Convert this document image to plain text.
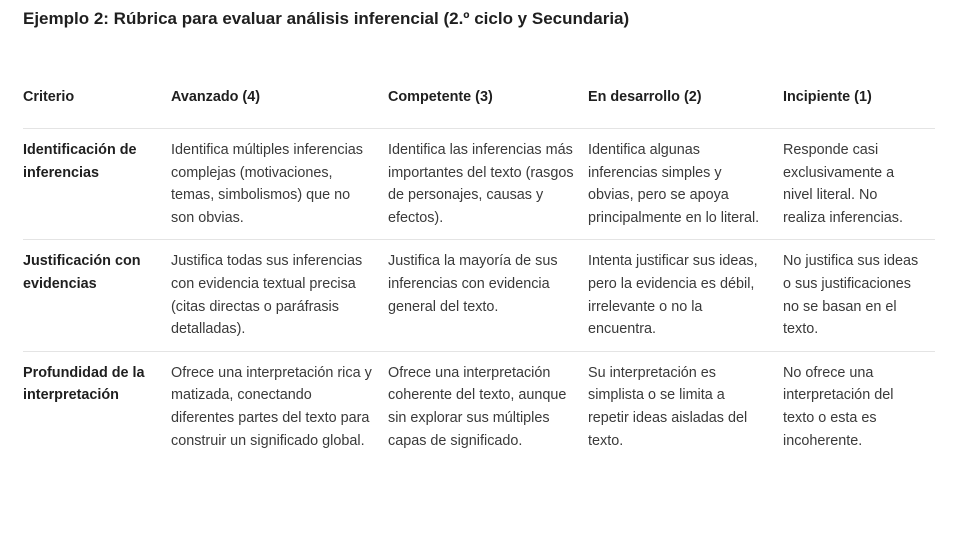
Ejemplo 2: Rúbrica para evaluar análisis inferencial (2.º ciclo y Secundaria)
Criterio	Avanzado (4)	Competente (3)	En desarrollo (2)	Incipiente (1)
Identificación de inferencias	Identifica múltiples inferencias complejas (motivaciones, temas, simbolismos) que no son obvias.	Identifica las inferencias más importantes del texto (rasgos de personajes, causas y efectos).	Identifica algunas inferencias simples y obvias, pero se apoya principalmente en lo literal.	Responde casi exclusivamente a nivel literal. No realiza inferencias.
Justificación con evidencias	Justifica todas sus inferencias con evidencia textual precisa (citas directas o paráfrasis detalladas).	Justifica la mayoría de sus inferencias con evidencia general del texto.	Intenta justificar sus ideas, pero la evidencia es débil, irrelevante o no la encuentra.	No justifica sus ideas o sus justificaciones no se basan en el texto.
Profundidad de la interpretación	Ofrece una interpretación rica y matizada, conectando diferentes partes del texto para construir un significado global.	Ofrece una interpretación coherente del texto, aunque sin explorar sus múltiples capas de significado.	Su interpretación es simplista o se limita a repetir ideas aisladas del texto.	No ofrece una interpretación del texto o esta es incoherente.
